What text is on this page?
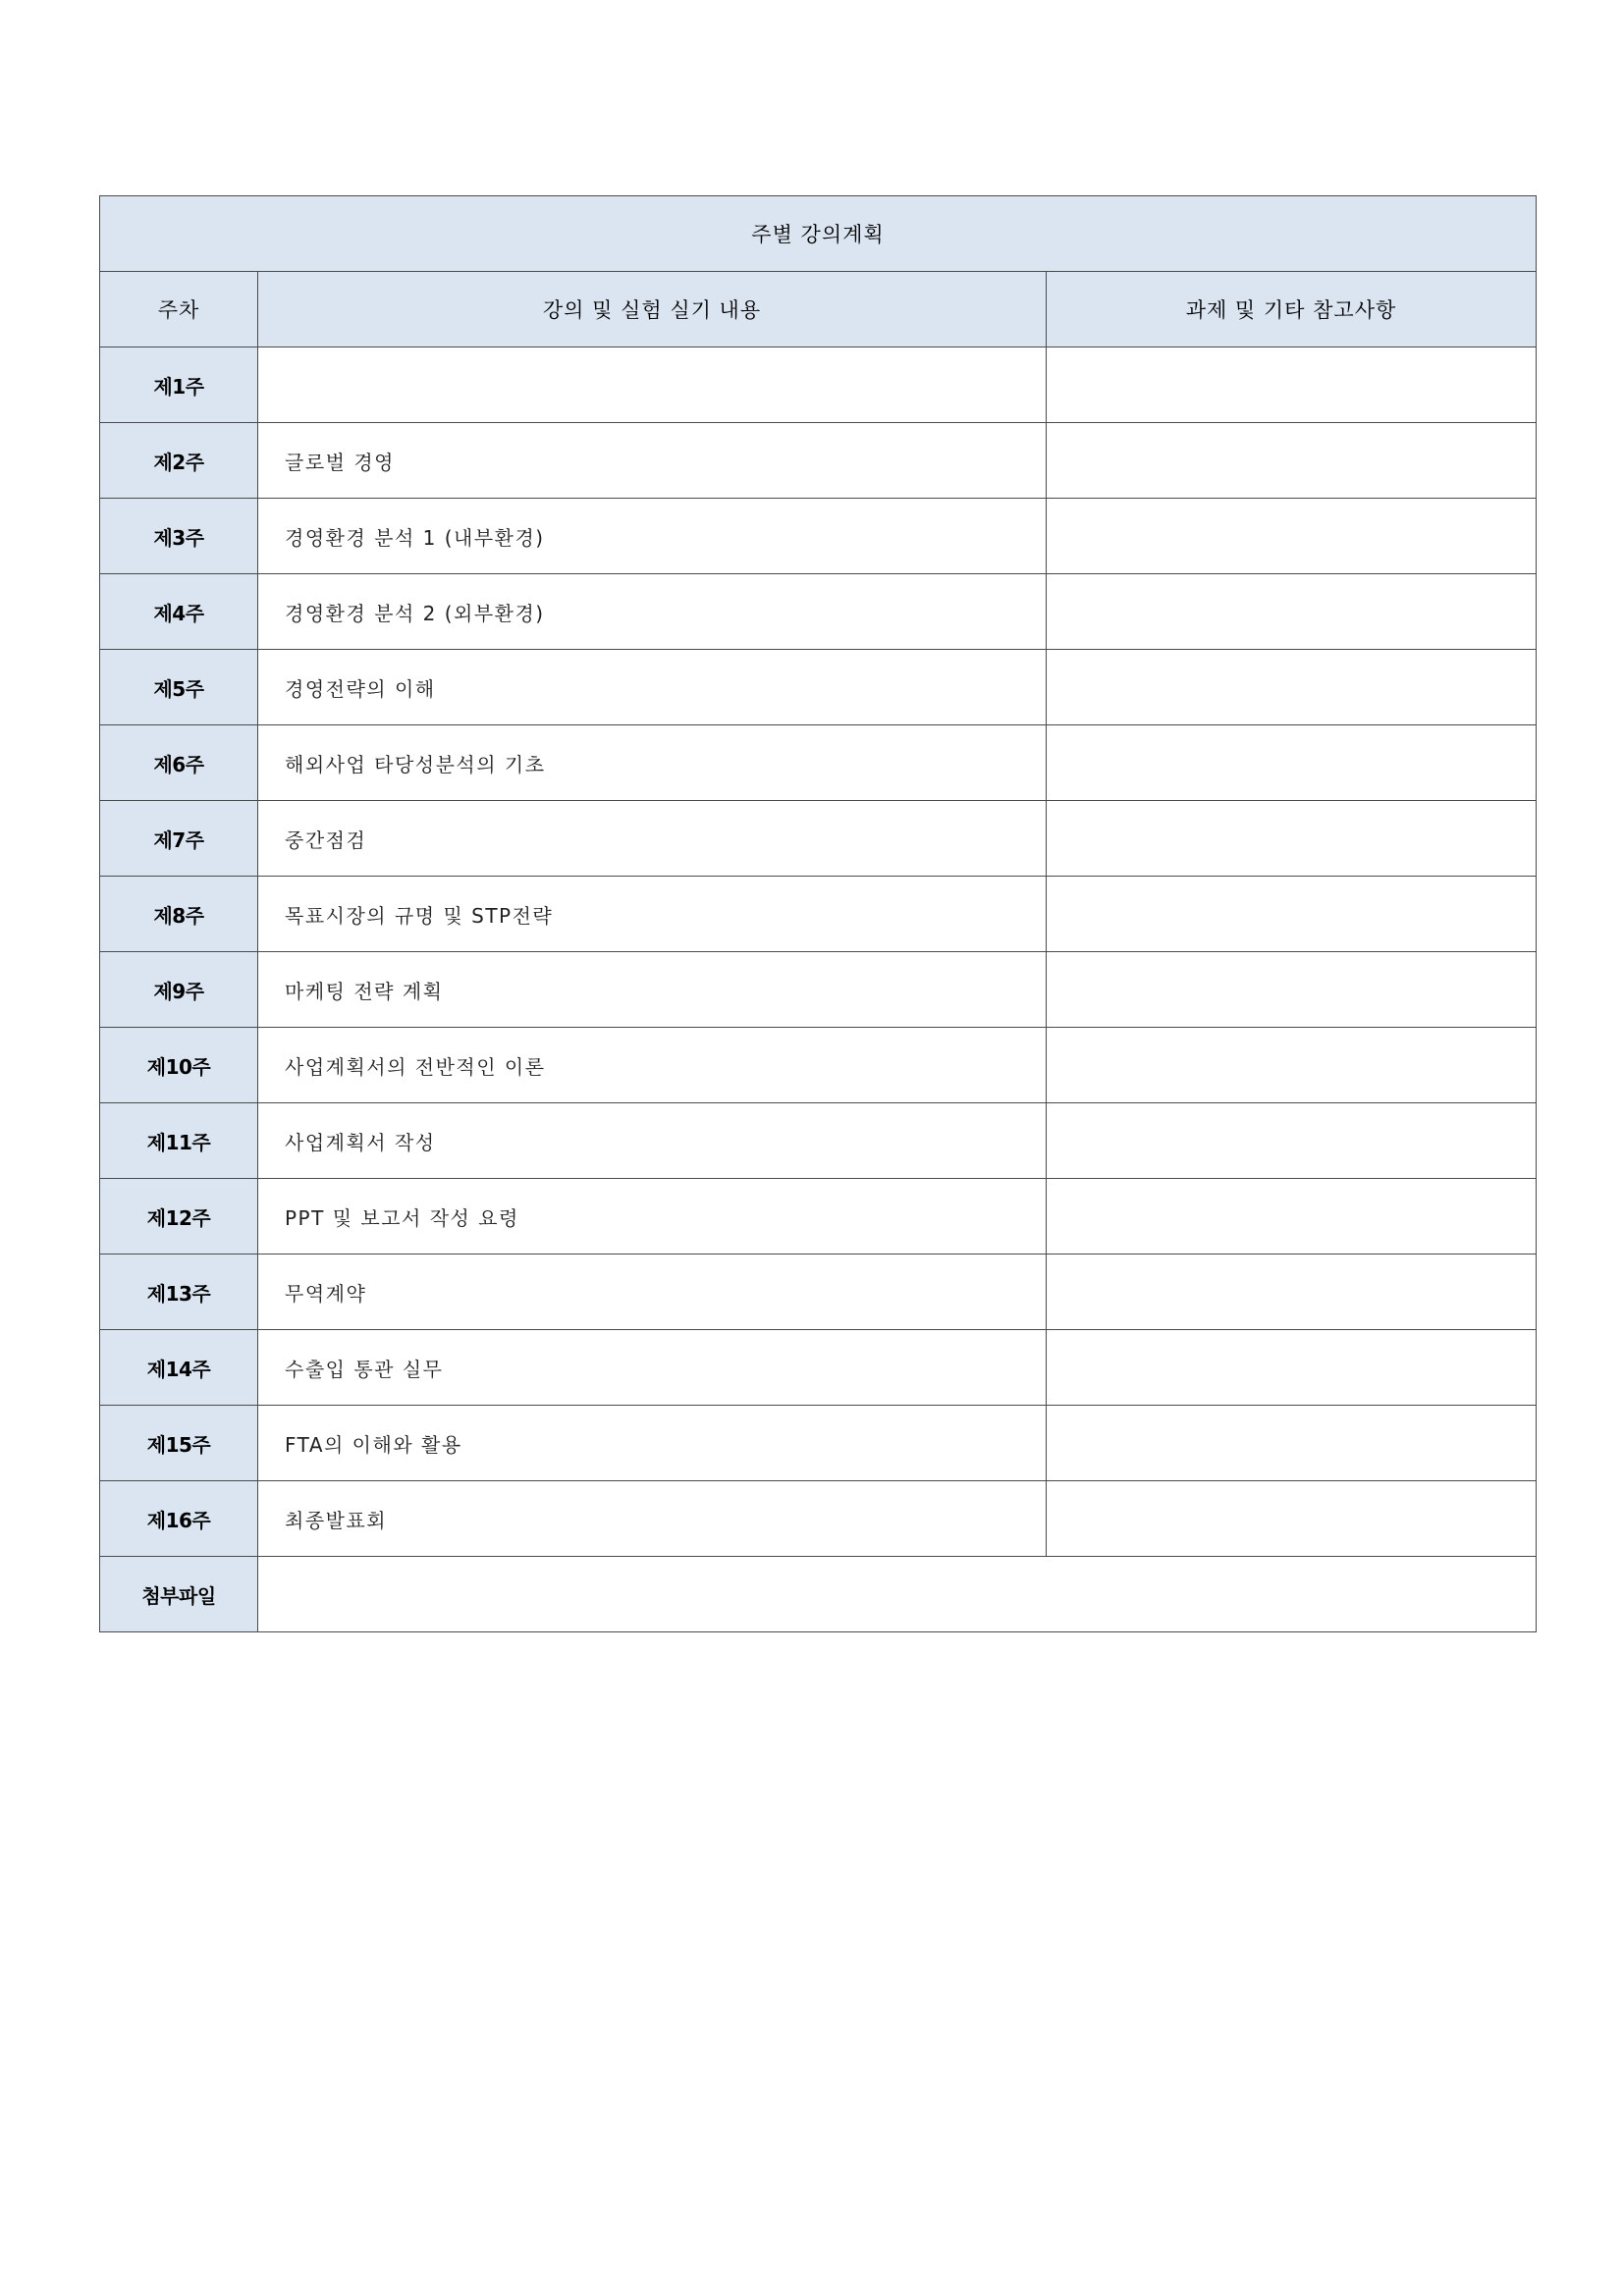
주별 강의계획		
주차	강의 및 실험 실기 내용	과제 및 기타 참고사항
제1주		
제2주	글로벌 경영	
제3주	경영환경 분석 1 (내부환경)	
제4주	경영환경 분석 2 (외부환경)	
제5주	경영전략의 이해	
제6주	해외사업 타당성분석의 기초	
제7주	중간점검	
제8주	목표시장의 규명 및 STP전략	
제9주	마케팅 전략 계획	
제10주	사업계획서의 전반적인 이론	
제11주	사업계획서 작성	
제12주	PPT 및 보고서 작성 요령	
제13주	무역계약	
제14주	수출입 통관 실무	
제15주	FTA의 이해와 활용	
제16주	최종발표회	
첨부파일		
